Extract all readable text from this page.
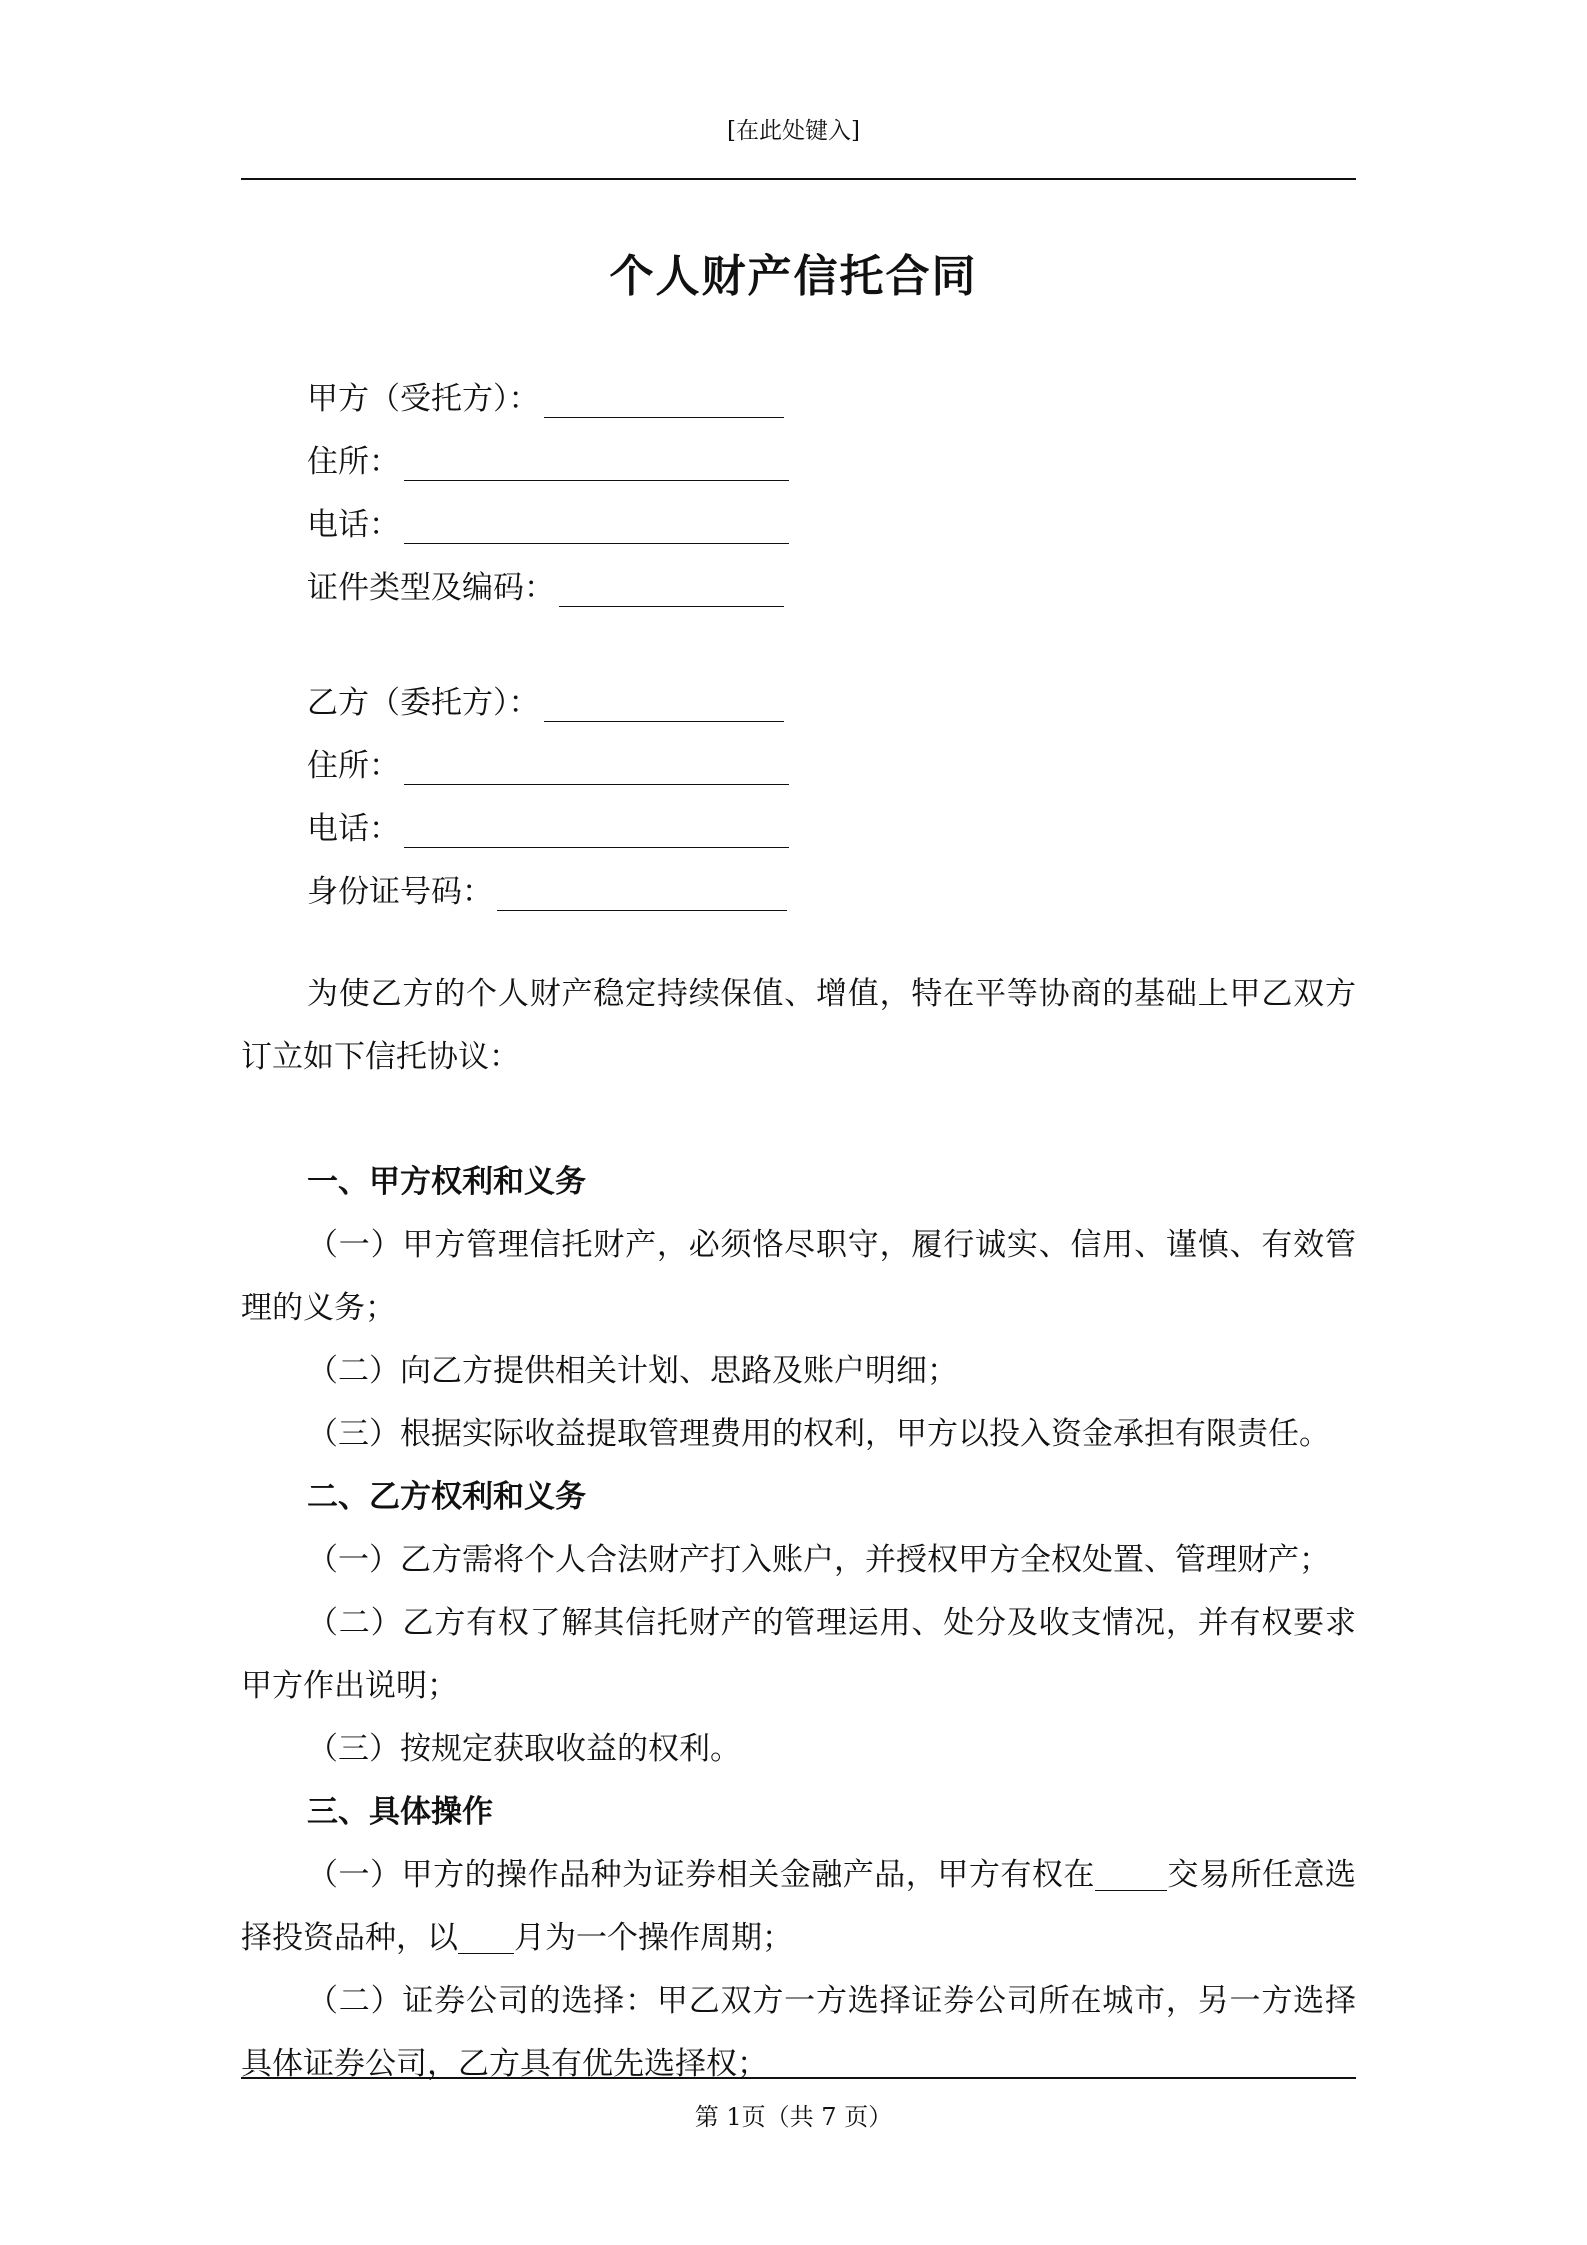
[在此处键入]
个人财产信托合同
甲方（受托方）：
住所：
电话：
证件类型及编码：
乙方（委托方）：
住所：
电话：
身份证号码：
为使乙方的个人财产稳定持续保值、增值，特在平等协商的基础上甲乙双方订立如下信托协议：
一、甲方权利和义务
（一）甲方管理信托财产，必须恪尽职守，履行诚实、信用、谨慎、有效管理的义务；
（二）向乙方提供相关计划、思路及账户明细；
（三）根据实际收益提取管理费用的权利，甲方以投入资金承担有限责任。
二、乙方权利和义务
（一）乙方需将个人合法财产打入账户，并授权甲方全权处置、管理财产；
（二）乙方有权了解其信托财产的管理运用、处分及收支情况，并有权要求甲方作出说明；
（三）按规定获取收益的权利。
三、具体操作
（一）甲方的操作品种为证券相关金融产品，甲方有权在 交易所任意选择投资品种，以 月为一个操作周期；
（二）证券公司的选择：甲乙双方一方选择证券公司所在城市，另一方选择具体证券公司，乙方具有优先选择权；
第 1页（共 7 页）
